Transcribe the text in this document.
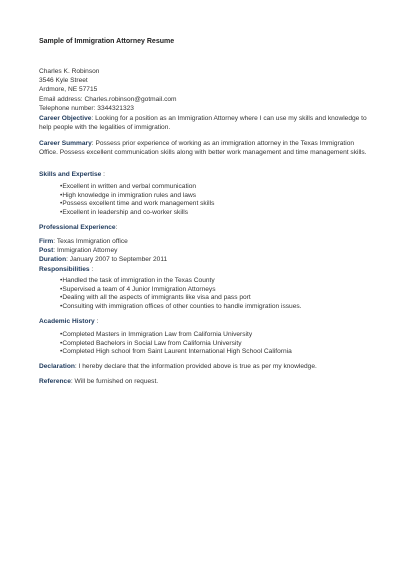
Sample of Immigration Attorney Resume
Charles K. Robinson
3546 Kyle Street
Ardmore, NE 57715
Email address: Charles.robinson@gotmail.com
Telephone number: 3344321323
Career Objective: Looking for a position as an Immigration Attorney where I can use my skills and knowledge to help people with the legalities of immigration.
Career Summary: Possess prior experience of working as an immigration attorney in the Texas Immigration Office. Possess excellent communication skills along with better work management and time management skills.
Skills and Expertise :
• Excellent in written and verbal communication
• High knowledge in immigration rules and laws
• Possess excellent time and work management skills
• Excellent in leadership and co-worker skills
Professional Experience:
Firm: Texas Immigration office
Post: Immigration Attorney
Duration: January 2007 to September 2011
Responsibilities :
• Handled the task of immigration in the Texas County
• Supervised a team of 4 Junior Immigration Attorneys
• Dealing with all the aspects of immigrants like visa and pass port
• Consulting with immigration offices of other counties to handle immigration issues.
Academic History :
• Completed Masters in Immigration Law from California University
• Completed Bachelors in Social Law from California University
• Completed High school from Saint Laurent International High School California
Declaration: I hereby declare that the information provided above is true as per my knowledge.
Reference: Will be furnished on request.
